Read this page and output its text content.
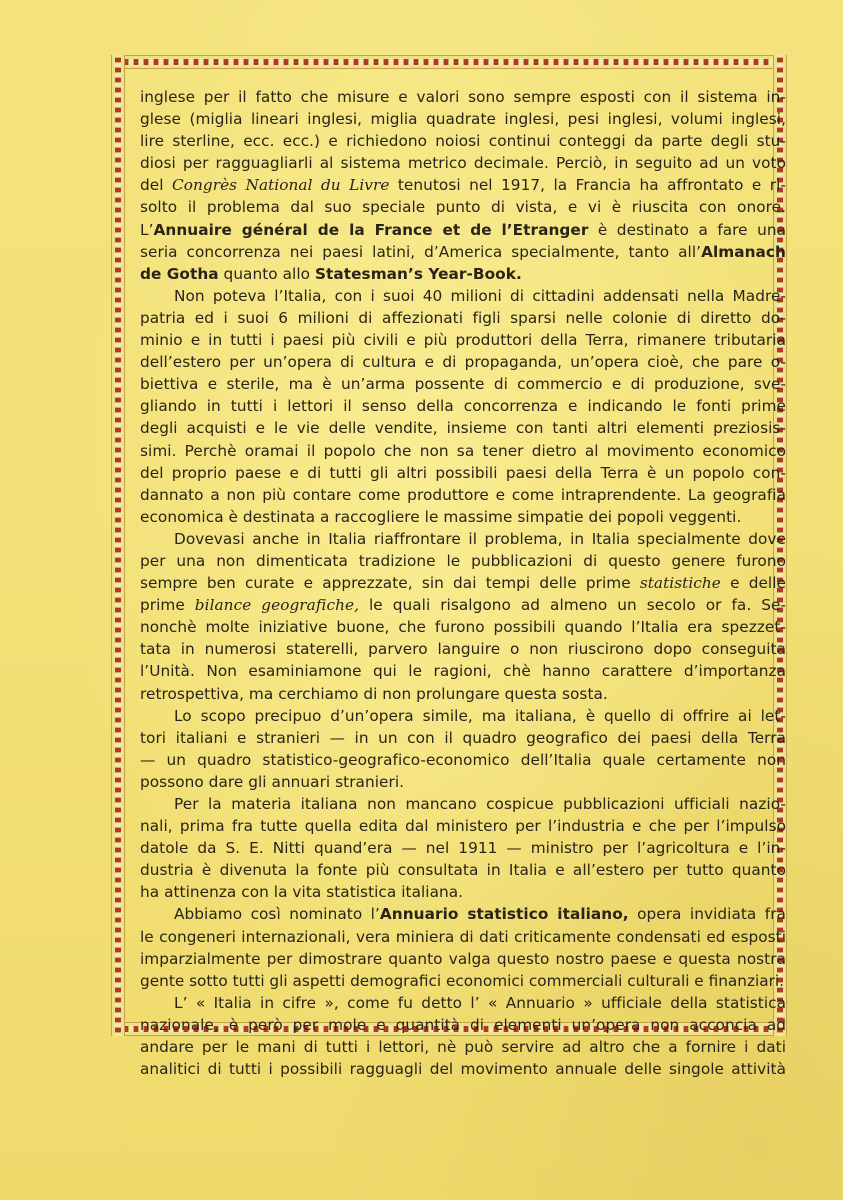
inglese per il fatto che misure e valori sono sempre esposti con il sistema in-

glese (miglia lineari inglesi, miglia quadrate inglesi, pesi inglesi, volumi inglesi,

lire sterline, ecc. ecc.) e richiedono noiosi continui conteggi da parte degli stu-

diosi per ragguagliarli al sistema metrico decimale. Perciò, in seguito ad un voto

del Congrès National du Livre tenutosi nel 1917, la Francia ha affrontato e ri-

solto il problema dal suo speciale punto di vista, e vi è riuscita con onore.

L’Annuaire général de la France et de l’Etranger è destinato a fare una

seria concorrenza nei paesi latini, d’America specialmente, tanto all’Almanach

de Gotha quanto allo Statesman’s Year-Book.

Non poteva l’Italia, con i suoi 40 milioni di cittadini addensati nella Madre-

patria ed i suoi 6 milioni di affezionati figli sparsi nelle colonie di diretto do-

minio e in tutti i paesi più civili e più produttori della Terra, rimanere tributaria

dell’estero per un’opera di cultura e di propaganda, un’opera cioè, che pare o-

biettiva e sterile, ma è un’arma possente di commercio e di produzione, sve-

gliando in tutti i lettori il senso della concorrenza e indicando le fonti prime

degli acquisti e le vie delle vendite, insieme con tanti altri elementi preziosis-

simi. Perchè oramai il popolo che non sa tener dietro al movimento economico

del proprio paese e di tutti gli altri possibili paesi della Terra è un popolo con-

dannato a non più contare come produttore e come intraprendente. La geografia

economica è destinata a raccogliere le massime simpatie dei popoli veggenti.

Dovevasi anche in Italia riaffrontare il problema, in Italia specialmente dove

per una non dimenticata tradizione le pubblicazioni di questo genere furono

sempre ben curate e apprezzate, sin dai tempi delle prime statistiche e delle

prime bilance geografiche, le quali risalgono ad almeno un secolo or fa. Se-

nonchè molte iniziative buone, che furono possibili quando l’Italia era spezzet-

tata in numerosi staterelli, parvero languire o non riuscirono dopo conseguita

l’Unità. Non esaminiamone qui le ragioni, chè hanno carattere d’importanza

retrospettiva, ma cerchiamo di non prolungare questa sosta.

Lo scopo precipuo d’un’opera simile, ma italiana, è quello di offrire ai let-

tori italiani e stranieri — in un con il quadro geografico dei paesi della Terra

— un quadro statistico-geografico-economico dell’Italia quale certamente non

possono dare gli annuari stranieri.

Per la materia italiana non mancano cospicue pubblicazioni ufficiali nazio-

nali, prima fra tutte quella edita dal ministero per l’industria e che per l’impulso

datole da S. E. Nitti quand’era — nel 1911 — ministro per l’agricoltura e l’in-

dustria è divenuta la fonte più consultata in Italia e all’estero per tutto quanto

ha attinenza con la vita statistica italiana.

Abbiamo così nominato l’Annuario statistico italiano, opera invidiata fra

le congeneri internazionali, vera miniera di dati criticamente condensati ed esposti

imparzialmente per dimostrare quanto valga questo nostro paese e questa nostra

gente sotto tutti gli aspetti demografici economici commerciali culturali e finanziari.

L’ « Italia in cifre », come fu detto l’ « Annuario » ufficiale della statistica

nazionale, è però per mole e quantità di elementi un’opera non acconcia ad

andare per le mani di tutti i lettori, nè può servire ad altro che a fornire i dati

analitici di tutti i possibili ragguagli del movimento annuale delle singole attività
